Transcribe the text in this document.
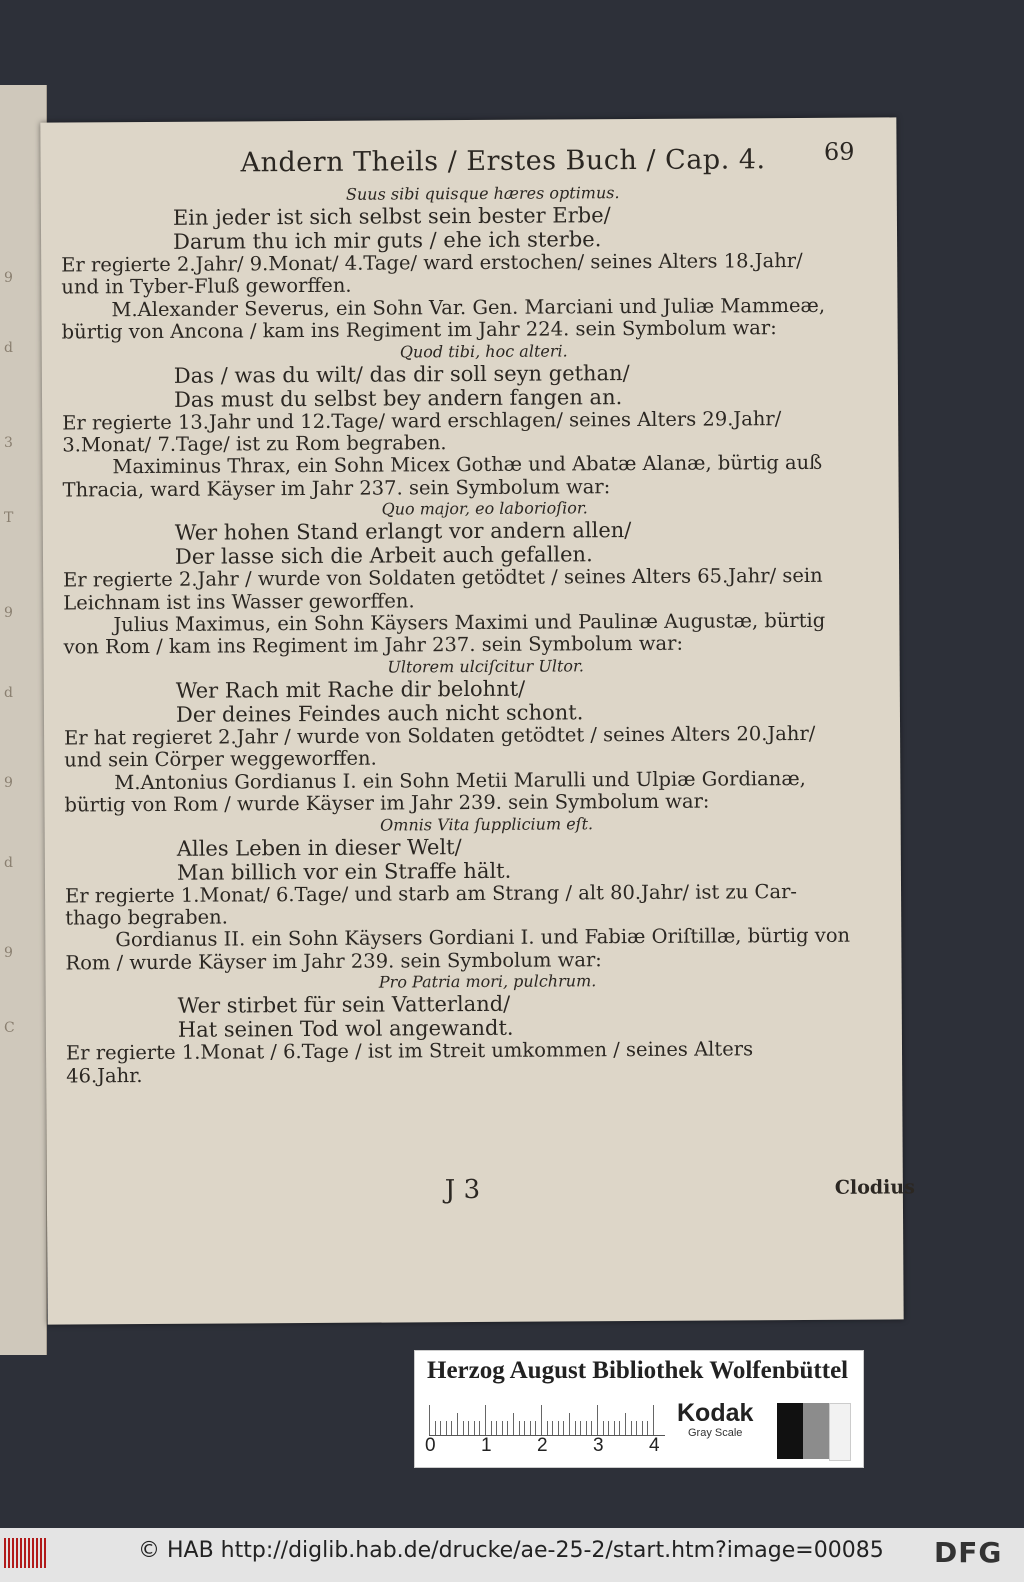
9
d
3
T
9
d
9
d
9
C
Andern Theils / Erstes Buch / Cap. 4. 69
Suus sibi quisque hæres optimus.
Ein jeder ist sich selbst sein bester Erbe/
Darum thu ich mir guts / ehe ich sterbe.
Er regierte 2.Jahr/ 9.Monat/ 4.Tage/ ward erstochen/ seines Alters 18.Jahr/
und in Tyber-Fluß geworffen.
M.Alexander Severus, ein Sohn Var. Gen. Marciani und Juliæ Mammeæ,
bürtig von Ancona / kam ins Regiment im Jahr 224. sein Symbolum war:
Quod tibi, hoc alteri.
Das / was du wilt/ das dir soll seyn gethan/
Das must du selbst bey andern fangen an.
Er regierte 13.Jahr und 12.Tage/ ward erschlagen/ seines Alters 29.Jahr/
3.Monat/ 7.Tage/ ist zu Rom begraben.
Maximinus Thrax, ein Sohn Micex Gothæ und Abatæ Alanæ, bürtig auß
Thracia, ward Käyser im Jahr 237. sein Symbolum war:
Quo major, eo laborioſior.
Wer hohen Stand erlangt vor andern allen/
Der lasse sich die Arbeit auch gefallen.
Er regierte 2.Jahr / wurde von Soldaten getödtet / seines Alters 65.Jahr/ sein
Leichnam ist ins Wasser geworffen.
Julius Maximus, ein Sohn Käysers Maximi und Paulinæ Augustæ, bürtig
von Rom / kam ins Regiment im Jahr 237. sein Symbolum war:
Ultorem ulciſcitur Ultor.
Wer Rach mit Rache dir belohnt/
Der deines Feindes auch nicht schont.
Er hat regieret 2.Jahr / wurde von Soldaten getödtet / seines Alters 20.Jahr/
und sein Cörper weggeworffen.
M.Antonius Gordianus I. ein Sohn Metii Marulli und Ulpiæ Gordianæ,
bürtig von Rom / wurde Käyser im Jahr 239. sein Symbolum war:
Omnis Vita ſupplicium eſt.
Alles Leben in dieser Welt/
Man billich vor ein Straffe hält.
Er regierte 1.Monat/ 6.Tage/ und starb am Strang / alt 80.Jahr/ ist zu Car-
thago begraben.
Gordianus II. ein Sohn Käysers Gordiani I. und Fabiæ Oriſtillæ, bürtig von
Rom / wurde Käyser im Jahr 239. sein Symbolum war:
Pro Patria mori, pulchrum.
Wer stirbet für sein Vatterland/
Hat seinen Tod wol angewandt.
Er regierte 1.Monat / 6.Tage / ist im Streit umkommen / seines Alters
46.Jahr.
J 3	Clodius
Herzog August Bibliothek Wolfenbüttel
0 1 2 3 4
Kodak
Gray Scale
© HAB http://diglib.hab.de/drucke/ae-25-2/start.htm?image=00085 DFG
